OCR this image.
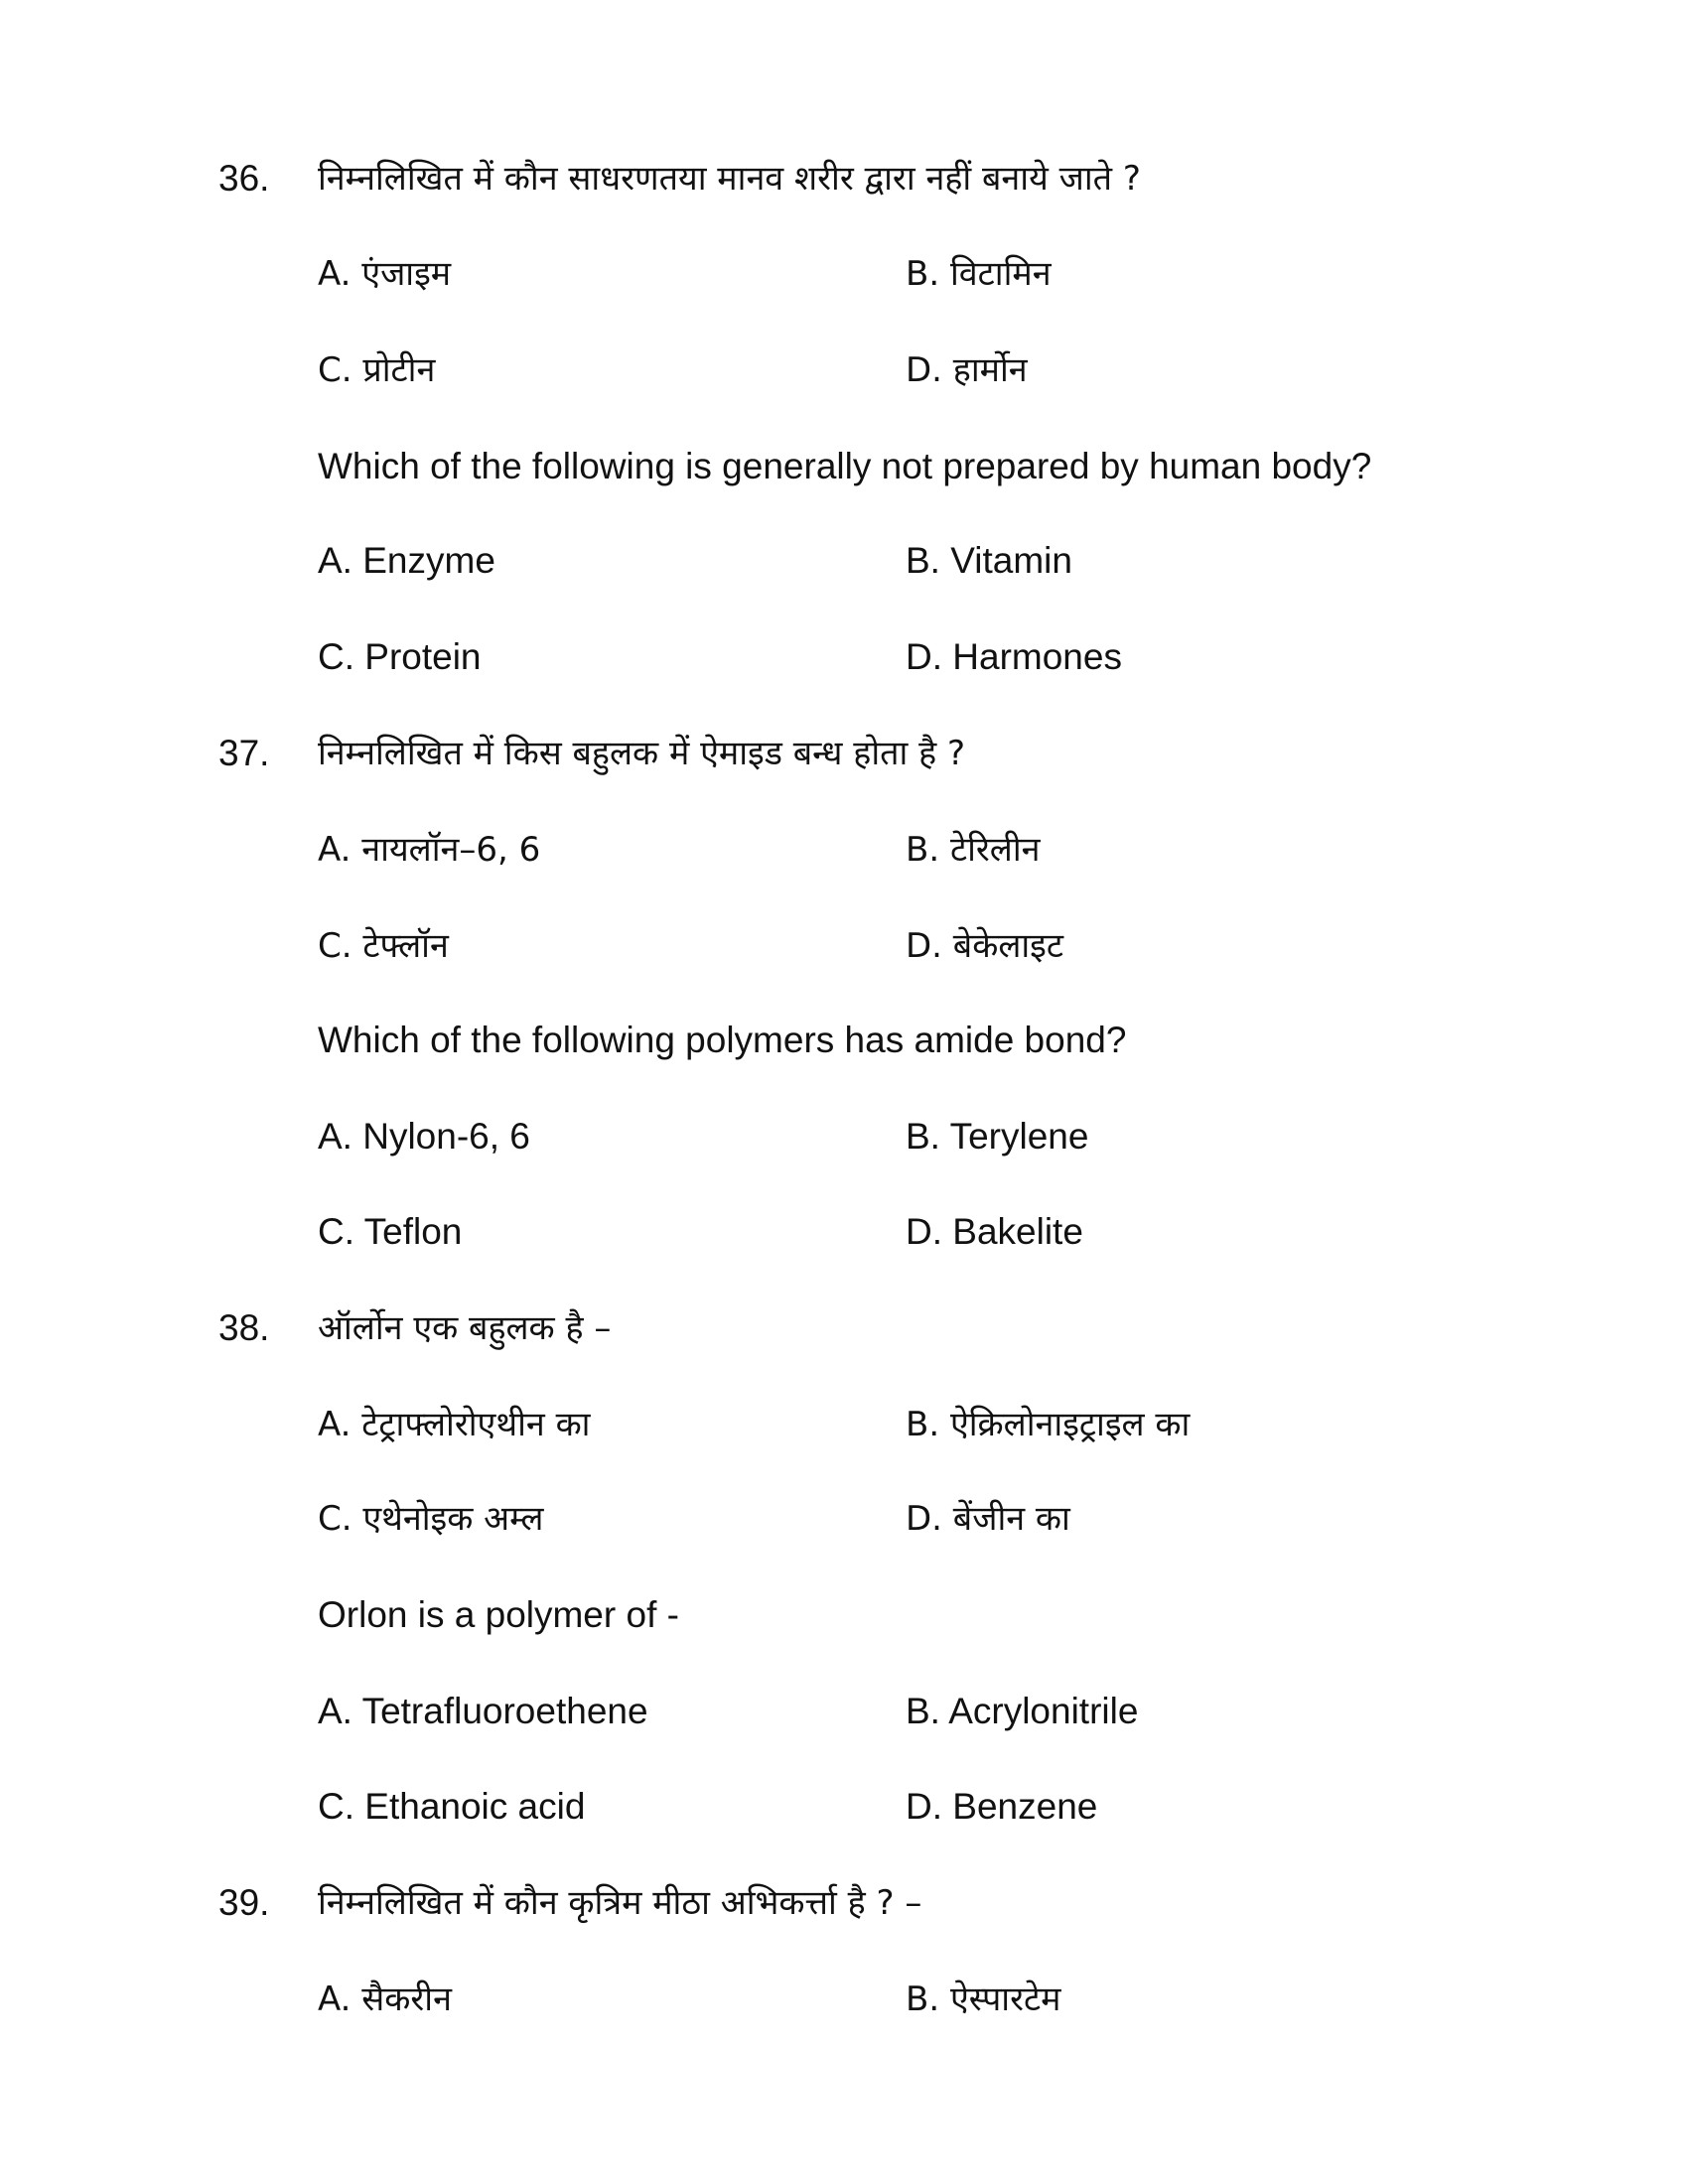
36. निम्नलिखित में कौन साधरणतया मानव शरीर द्वारा नहीं बनाये जाते ?
A. एंजाइम	B. विटामिन
C. प्रोटीन	D. हार्मोन
Which of the following is generally not prepared by human body?
A. Enzyme	B. Vitamin
C. Protein	D. Harmones
37. निम्नलिखित में किस बहुलक में ऐमाइड बन्ध होता है ?
A. नायलॉन–6, 6	B. टेरिलीन
C. टेफ्लॉन	D. बेकेलाइट
Which of the following polymers has amide bond?
A. Nylon-6, 6	B. Terylene
C. Teflon	D. Bakelite
38. ऑर्लोन एक बहुलक है –
A. टेट्राफ्लोरोएथीन का	B. ऐक्रिलोनाइट्राइल का
C. एथेनोइक अम्ल	D. बेंजीन का
Orlon is a polymer of -
A. Tetrafluoroethene	B. Acrylonitrile
C. Ethanoic acid	D. Benzene
39. निम्नलिखित में कौन कृत्रिम मीठा अभिकर्त्ता है ? –
A. सैकरीन	B. ऐस्पारटेम
